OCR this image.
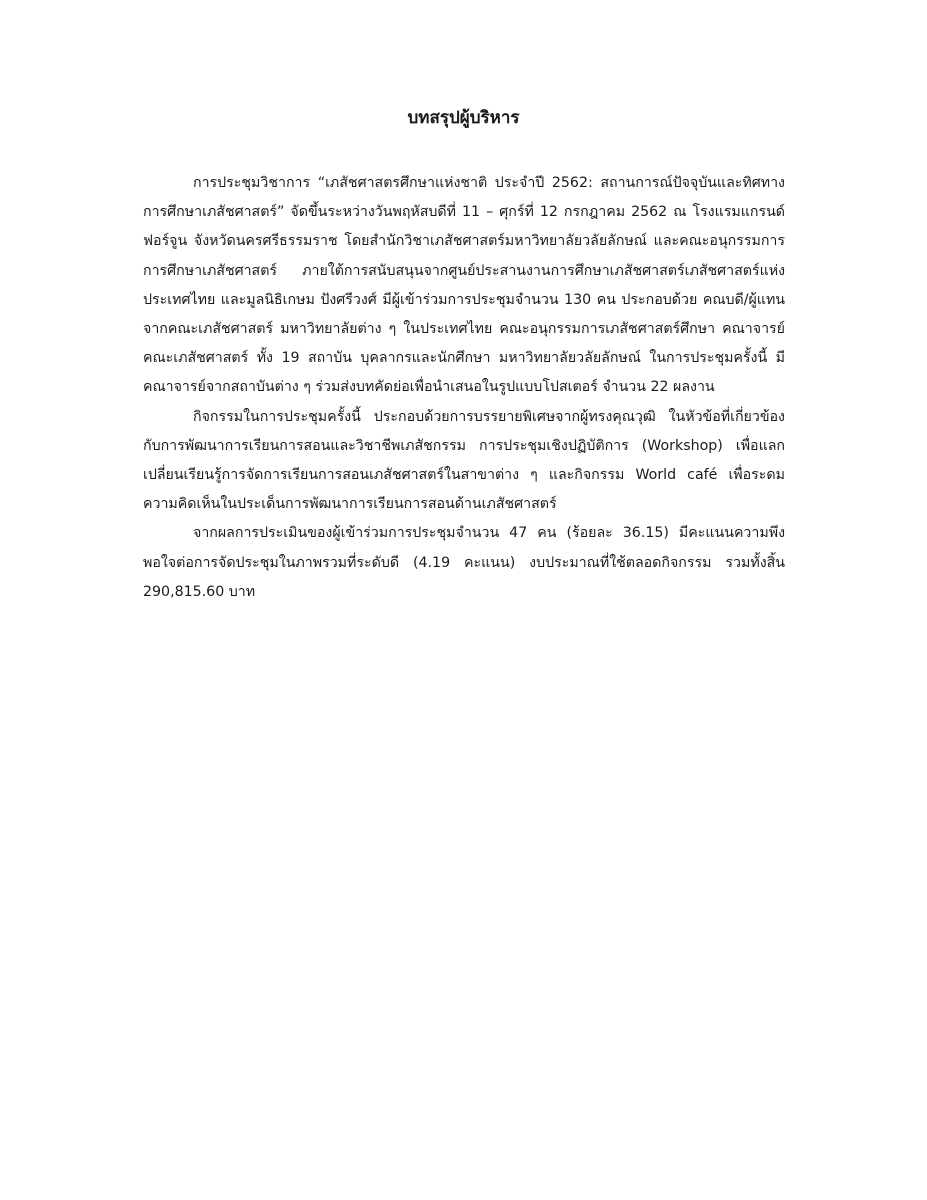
บทสรุปผู้บริหาร

การประชุมวิชาการ “เภสัชศาสตรศึกษาแห่งชาติ ประจำปี 2562: สถานการณ์ปัจจุบันและทิศทางการศึกษาเภสัชศาสตร์” จัดขึ้นระหว่างวันพฤหัสบดีที่ 11 – ศุกร์ที่ 12 กรกฎาคม 2562 ณ โรงแรมแกรนด์ฟอร์จูน จังหวัดนครศรีธรรมราช โดยสำนักวิชาเภสัชศาสตร์มหาวิทยาลัยวลัยลักษณ์ และคณะอนุกรรมการการศึกษาเภสัชศาสตร์ ภายใต้การสนับสนุนจากศูนย์ประสานงานการศึกษาเภสัชศาสตร์เภสัชศาสตร์แห่งประเทศไทย และมูลนิธิเกษม ปังศรีวงศ์ มีผู้เข้าร่วมการประชุมจำนวน 130 คน ประกอบด้วย คณบดี/ผู้แทนจากคณะเภสัชศาสตร์ มหาวิทยาลัยต่าง ๆ ในประเทศไทย คณะอนุกรรมการเภสัชศาสตร์ศึกษา คณาจารย์คณะเภสัชศาสตร์ ทั้ง 19 สถาบัน บุคลากรและนักศึกษา มหาวิทยาลัยวลัยลักษณ์ ในการประชุมครั้งนี้ มีคณาจารย์จากสถาบันต่าง ๆ ร่วมส่งบทคัดย่อเพื่อนำเสนอในรูปแบบโปสเตอร์ จำนวน 22 ผลงาน

กิจกรรมในการประชุมครั้งนี้ ประกอบด้วยการบรรยายพิเศษจากผู้ทรงคุณวุฒิ ในหัวข้อที่เกี่ยวข้องกับการพัฒนาการเรียนการสอนและวิชาชีพเภสัชกรรม การประชุมเชิงปฏิบัติการ (Workshop) เพื่อแลกเปลี่ยนเรียนรู้การจัดการเรียนการสอนเภสัชศาสตร์ในสาขาต่าง ๆ และกิจกรรม World café เพื่อระดมความคิดเห็นในประเด็นการพัฒนาการเรียนการสอนด้านเภสัชศาสตร์

จากผลการประเมินของผู้เข้าร่วมการประชุมจำนวน 47 คน (ร้อยละ 36.15) มีคะแนนความพึงพอใจต่อการจัดประชุมในภาพรวมที่ระดับดี (4.19 คะแนน) งบประมาณที่ใช้ตลอดกิจกรรม รวมทั้งสิ้น 290,815.60 บาท
